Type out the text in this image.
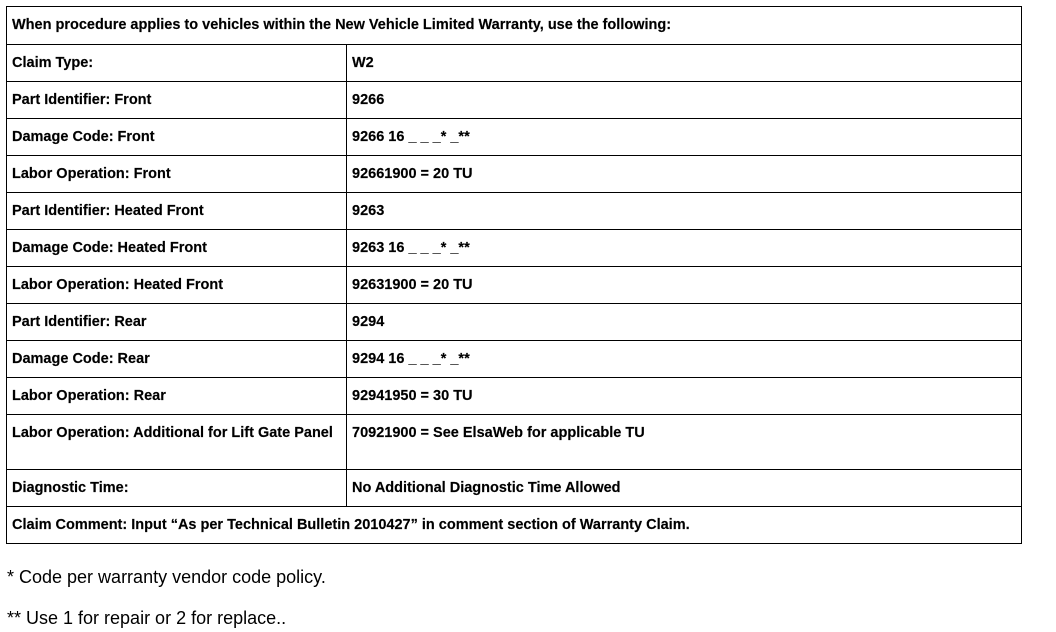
When procedure applies to vehicles within the New Vehicle Limited Warranty, use the following:	
Claim Type:	W2
Part Identifier: Front	9266
Damage Code: Front	9266 16 _ _ _* _**
Labor Operation: Front	92661900 = 20 TU
Part Identifier: Heated Front	9263
Damage Code: Heated Front	9263 16 _ _ _* _**
Labor Operation: Heated Front	92631900 = 20 TU
Part Identifier: Rear	9294
Damage Code: Rear	9294 16 _ _ _* _**
Labor Operation: Rear	92941950 = 30 TU
Labor Operation: Additional for Lift Gate Panel	70921900 = See ElsaWeb for applicable TU
Diagnostic Time:	No Additional Diagnostic Time Allowed
Claim Comment: Input “As per Technical Bulletin 2010427” in comment section of Warranty Claim.	
* Code per warranty vendor code policy.
** Use 1 for repair or 2 for replace..
